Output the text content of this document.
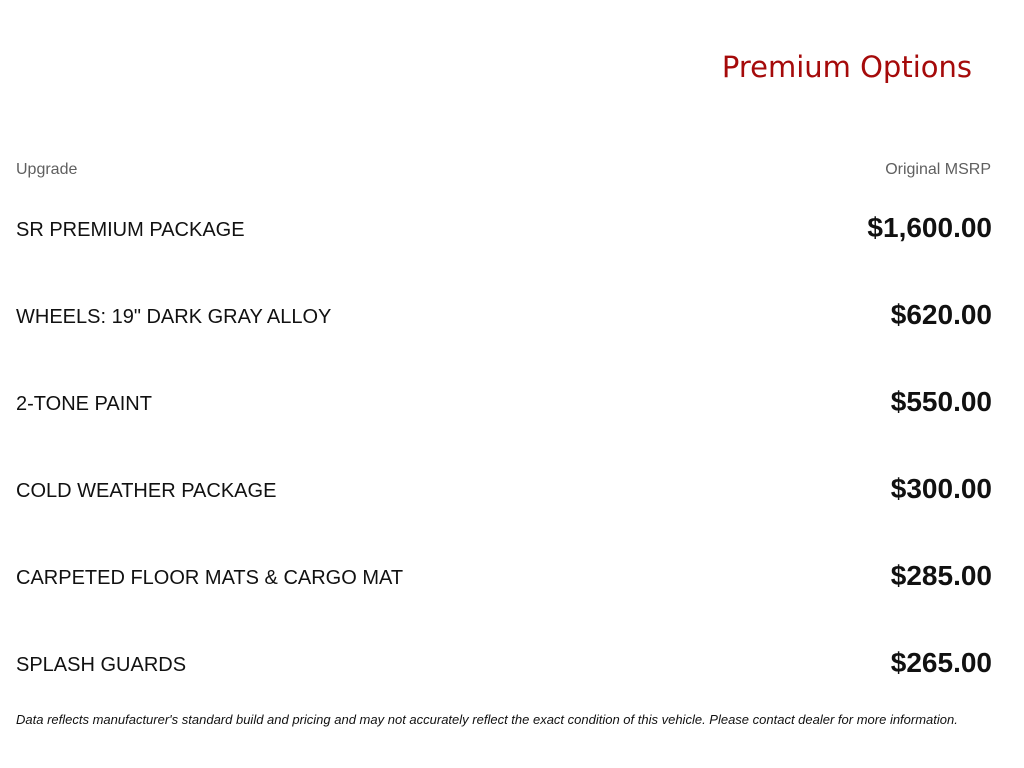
Premium Options
Upgrade	Original MSRP
SR PREMIUM PACKAGE	$1,600.00
WHEELS: 19" DARK GRAY ALLOY	$620.00
2-TONE PAINT	$550.00
COLD WEATHER PACKAGE	$300.00
CARPETED FLOOR MATS & CARGO MAT	$285.00
SPLASH GUARDS	$265.00
Data reflects manufacturer's standard build and pricing and may not accurately reflect the exact condition of this vehicle. Please contact dealer for more information.
